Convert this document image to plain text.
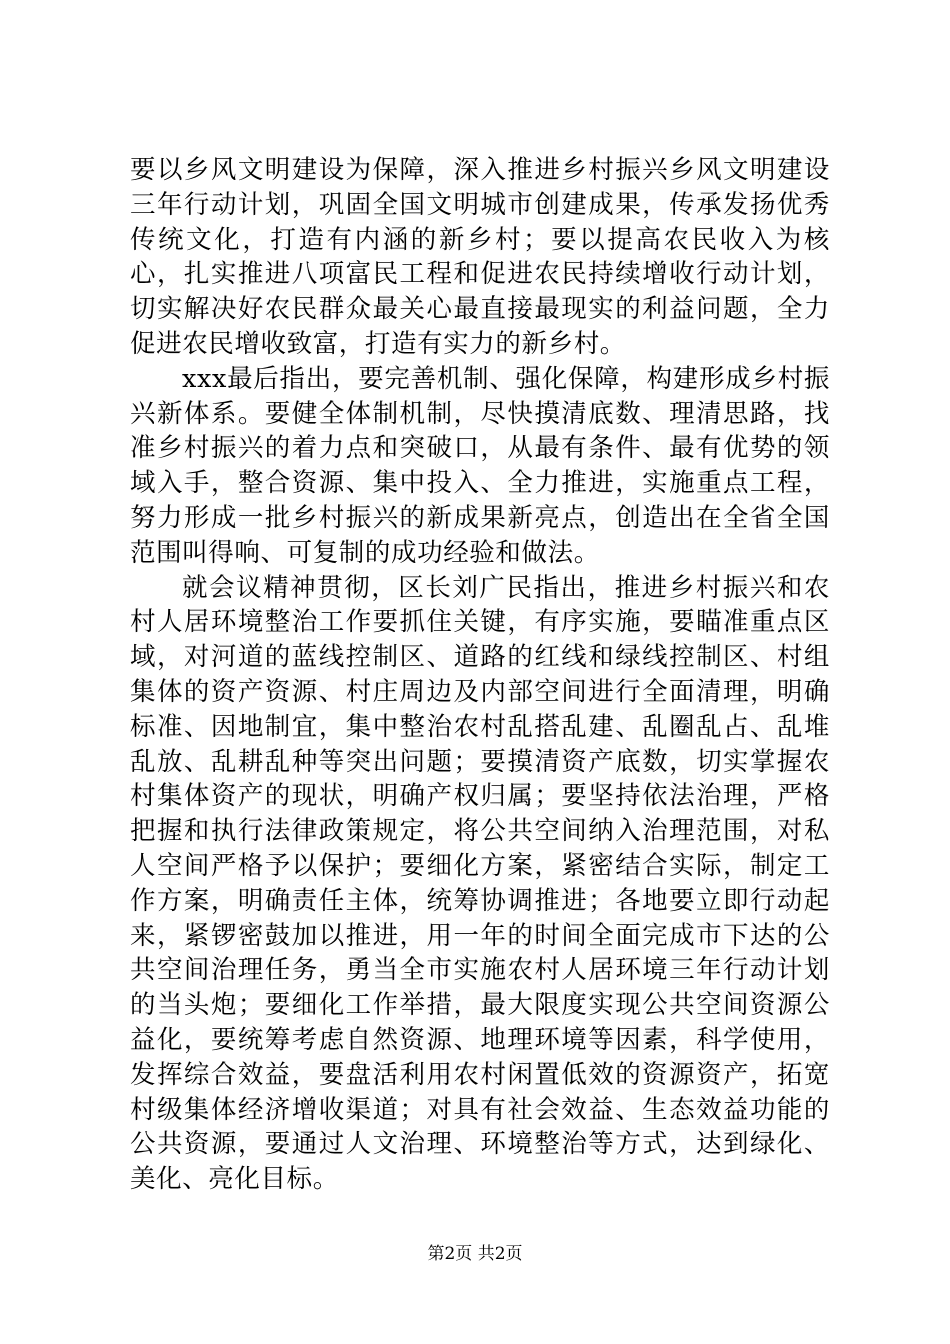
要以乡风文明建设为保障，深入推进乡村振兴乡风文明建设三年行动计划，巩固全国文明城市创建成果，传承发扬优秀传统文化，打造有内涵的新乡村；要以提高农民收入为核心，扎实推进八项富民工程和促进农民持续增收行动计划，切实解决好农民群众最关心最直接最现实的利益问题，全力促进农民增收致富，打造有实力的新乡村。

xxx最后指出，要完善机制、强化保障，构建形成乡村振兴新体系。要健全体制机制，尽快摸清底数、理清思路，找准乡村振兴的着力点和突破口，从最有条件、最有优势的领域入手，整合资源、集中投入、全力推进，实施重点工程，努力形成一批乡村振兴的新成果新亮点，创造出在全省全国范围叫得响、可复制的成功经验和做法。

就会议精神贯彻，区长刘广民指出，推进乡村振兴和农村人居环境整治工作要抓住关键，有序实施，要瞄准重点区域，对河道的蓝线控制区、道路的红线和绿线控制区、村组集体的资产资源、村庄周边及内部空间进行全面清理，明确标准、因地制宜，集中整治农村乱搭乱建、乱圈乱占、乱堆乱放、乱耕乱种等突出问题；要摸清资产底数，切实掌握农村集体资产的现状，明确产权归属；要坚持依法治理，严格把握和执行法律政策规定，将公共空间纳入治理范围，对私人空间严格予以保护；要细化方案，紧密结合实际，制定工作方案，明确责任主体，统筹协调推进；各地要立即行动起来，紧锣密鼓加以推进，用一年的时间全面完成市下达的公共空间治理任务，勇当全市实施农村人居环境三年行动计划的当头炮；要细化工作举措，最大限度实现公共空间资源公益化，要统筹考虑自然资源、地理环境等因素，科学使用，发挥综合效益，要盘活利用农村闲置低效的资源资产，拓宽村级集体经济增收渠道；对具有社会效益、生态效益功能的公共资源，要通过人文治理、环境整治等方式，达到绿化、美化、亮化目标。

第2页 共2页
